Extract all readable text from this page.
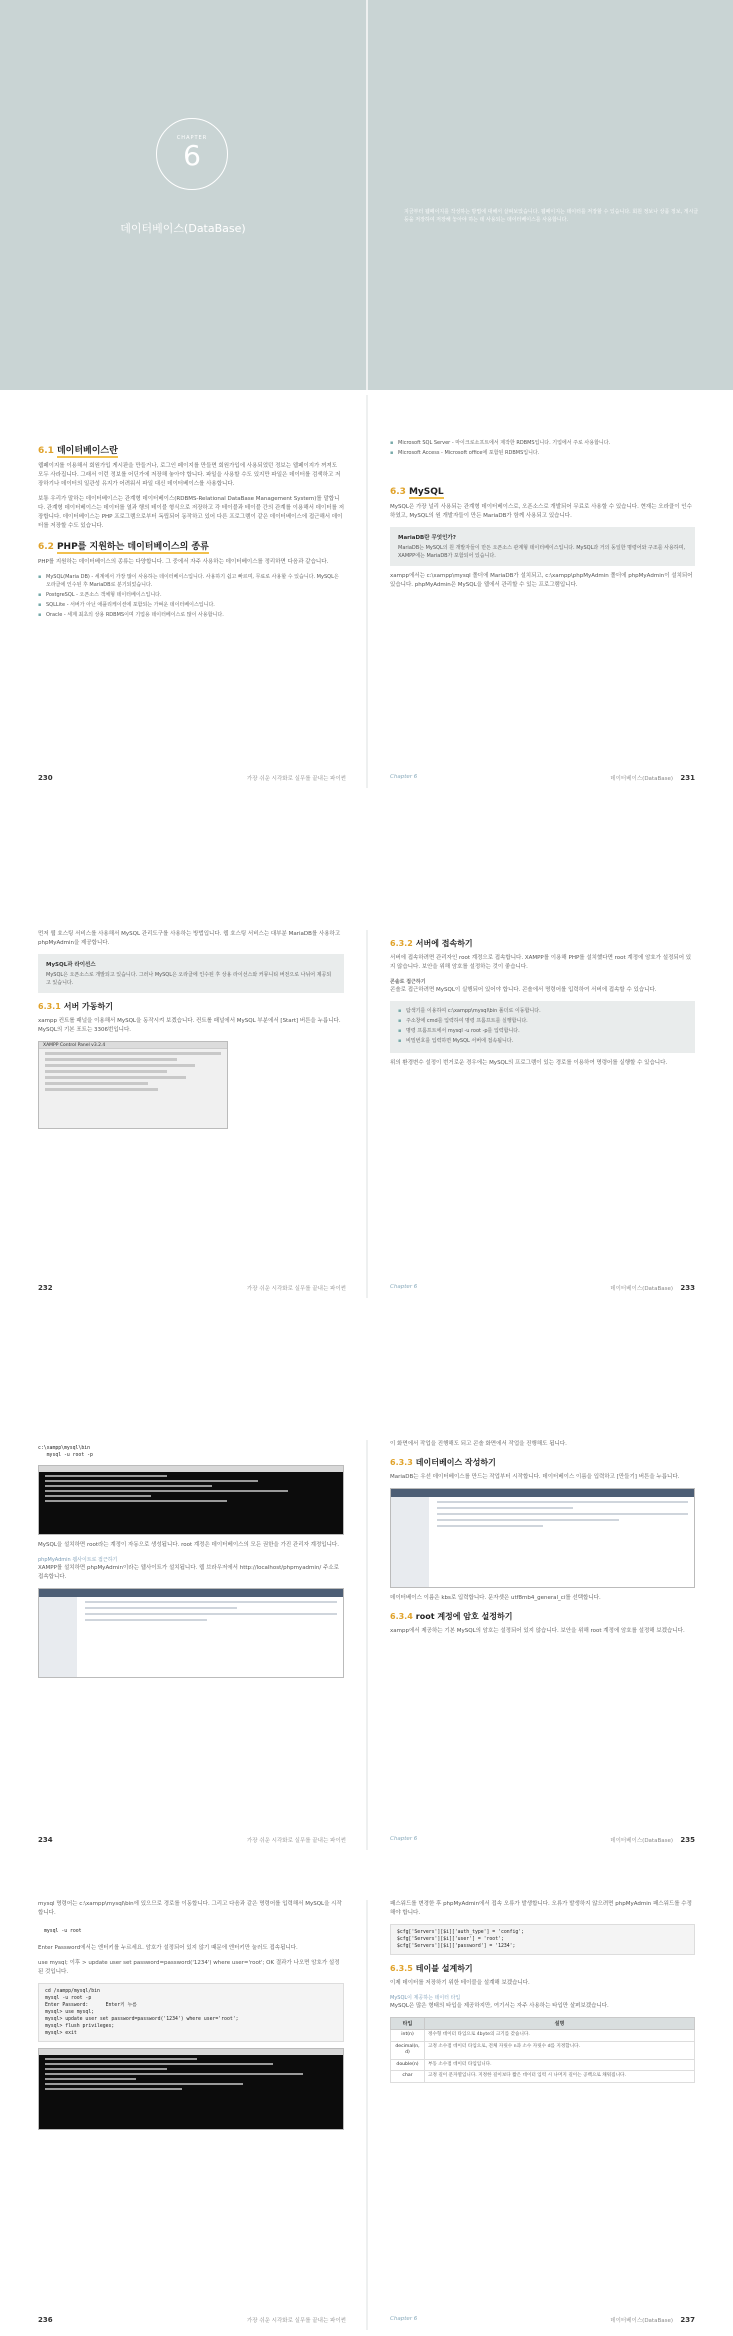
CHAPTER
6
데이터베이스(DataBase)
지금부터 웹페이지를 작성하는 방법에 대해서 살펴보았습니다. 웹페이지는 데이터를 저장할 수 있습니다. 회원 정보나 상품 정보, 게시글 등을 저장하여 저장해 놓아야 하는 데 사용되는 데이터베이스를 사용합니다.
6.1 데이터베이스란

웹페이지를 이용해서 회원가입 게시판을 만들거나, 로그인 페이지를 만들면 회원가입에 사용되었던 정보는 웹페이지가 꺼져도 모두 사라집니다. 그래서 이런 정보를 어딘가에 저장해 놓아야 합니다. 파일을 사용할 수도 있지만 파일은 데이터를 검색하고 저장하기나 데이터의 일관성 유지가 어려워서 파일 대신 데이터베이스를 사용합니다.

보통 우리가 말하는 데이터베이스는 관계형 데이터베이스(RDBMS-Relational DataBase Management System)를 말합니다. 관계형 데이터베이스는 데이터를 열과 행의 테이블 형식으로 저장하고 각 테이블과 테이블 간의 관계를 이용해서 데이터를 저장합니다. 데이터베이스는 PHP 프로그램으로부터 독립되어 동작하고 있어 다른 프로그램이 같은 데이터베이스에 접근해서 데이터를 저장할 수도 있습니다.

6.2 PHP를 지원하는 데이터베이스의 종류

PHP를 지원하는 데이터베이스의 종류는 다양합니다. 그 중에서 자주 사용하는 데이터베이스를 정리하면 다음과 같습니다.

▪ MySQL(Maria DB) - 세계에서 가장 많이 사용하는 데이터베이스입니다. 사용하기 쉽고 빠르며, 무료로 사용할 수 있습니다. MySQL은 오라클에 인수된 후 MariaDB로 분기되었습니다.
▪ PostgreSQL - 오픈소스 객체형 데이터베이스입니다.
▪ SQLLite - 서버가 아닌 애플리케이션에 포함되는 가벼운 데이터베이스입니다.
▪ Oracle - 세계 최초의 상용 RDBMS이며 기업용 데이터베이스로 많이 사용합니다.
230	가장 쉬운 시각화로 실무를 끝내는 파이썬
▪ Microsoft SQL Server - 마이크로소프트에서 제작한 RDBMS입니다. 기업에서 주로 사용합니다.
▪ Microsoft Access - Microsoft office에 포함된 RDBMS입니다.
6.3 MySQL

MySQL은 가장 널리 사용되는 관계형 데이터베이스로, 오픈소스로 개발되어 무료로 사용할 수 있습니다. 현재는 오라클이 인수하였고, MySQL의 원 개발자들이 만든 MariaDB가 함께 사용되고 있습니다.

MariaDB란 무엇인가?
MariaDB는 MySQL의 원 개발자들이 만든 오픈소스 관계형 데이터베이스입니다. MySQL과 거의 동일한 명령어와 구조를 사용하며, XAMPP에는 MariaDB가 포함되어 있습니다.

xampp에서는 c:\xampp\mysql 폴더에 MariaDB가 설치되고, c:\xampp\phpMyAdmin 폴더에 phpMyAdmin이 설치되어 있습니다. phpMyAdmin은 MySQL을 웹에서 관리할 수 있는 프로그램입니다.

Chapter 6	데이터베이스(DataBase) 231

먼저 웹 호스팅 서비스를 사용해서 MySQL 관리도구를 사용하는 방법입니다. 웹 호스팅 서비스는 대부분 MariaDB를 사용하고 phpMyAdmin을 제공합니다.

MySQL과 라이선스
MySQL은 오픈소스로 개발되고 있습니다. 그러나 MySQL은 오라클에 인수된 후 상용 라이선스와 커뮤니티 버전으로 나뉘어 제공되고 있습니다.
6.3.1 서버 가동하기

xampp 컨트롤 패널을 이용해서 MySQL을 동작시켜 보겠습니다. 컨트롤 패널에서 MySQL 부분에서 [Start] 버튼을 누릅니다. MySQL의 기본 포트는 3306번입니다.

XAMPP Control Panel v3.2.4
232	가장 쉬운 시각화로 실무를 끝내는 파이썬
6.3.2 서버에 접속하기

서버에 접속하려면 관리자인 root 계정으로 접속합니다. XAMPP를 이용해 PHP를 설치했다면 root 계정에 암호가 설정되어 있지 않습니다. 보안을 위해 암호를 설정하는 것이 좋습니다.

콘솔로 접근하기

콘솔로 접근하려면 MySQL이 실행되어 있어야 합니다. 콘솔에서 명령어를 입력하여 서버에 접속할 수 있습니다.

▪ 탐색기를 이용하여 c:\xampp\mysql\bin 폴더로 이동합니다.
▪ 주소창에 cmd를 입력하여 명령 프롬프트를 실행합니다.
▪ 명령 프롬프트에서 mysql -u root -p를 입력합니다.
▪ 비밀번호를 입력하면 MySQL 서버에 접속됩니다.

위의 환경변수 설정이 번거로운 경우에는 MySQL의 프로그램이 있는 경로를 이용하여 명령어를 실행할 수 있습니다.

Chapter 6	데이터베이스(DataBase) 233
c:\xampp\mysql\bin
mysql -u root -p

MySQL을 설치하면 root라는 계정이 자동으로 생성됩니다. root 계정은 데이터베이스의 모든 권한을 가진 관리자 계정입니다.

phpMyAdmin 웹사이트로 접근하기

XAMPP를 설치하면 phpMyAdmin이라는 웹사이트가 설치됩니다. 웹 브라우저에서 http://localhost/phpmyadmin/ 주소로 접속합니다.

234	가장 쉬운 시각화로 실무를 끝내는 파이썬

이 화면에서 작업을 진행해도 되고 콘솔 화면에서 작업을 진행해도 됩니다.

6.3.3 데이터베이스 작성하기

MariaDB는 우선 데이터베이스를 만드는 작업부터 시작합니다. 데이터베이스 이름을 입력하고 [만들기] 버튼을 누릅니다.

데이터베이스 이름은 kbs로 입력합니다. 문자셋은 utf8mb4_general_ci를 선택합니다.

6.3.4 root 계정에 암호 설정하기

xampp에서 제공하는 기본 MySQL의 암호는 설정되어 있지 않습니다. 보안을 위해 root 계정에 암호를 설정해 보겠습니다.

Chapter 6	데이터베이스(DataBase) 235

mysql 명령어는 c:\xampp\mysql\bin에 있으므로 경로를 이동합니다. 그리고 다음과 같은 명령어를 입력해서 MySQL을 시작합니다.

mysql -u root

Enter Password에서는 엔터키를 누르세요. 암호가 설정되어 있지 않기 때문에 엔터키만 눌러도 접속됩니다.

use mysql; 이후 > update user set password=password('1234') where user='root'; OK 결과가 나오면 암호가 설정된 것입니다.

cd /xampp/mysql/bin
mysql -u root -p
Enter Password:      Enter키 누름
mysql> use mysql;
mysql> update user set password=password('1234') where user='root';
mysql> flush privileges;
mysql> exit
236	가장 쉬운 시각화로 실무를 끝내는 파이썬

패스워드를 변경한 후 phpMyAdmin에서 접속 오류가 발생합니다. 오류가 발생하지 않으려면 phpMyAdmin 패스워드를 수정해야 합니다.

$cfg['Servers'][$i]['auth_type'] = 'config';
$cfg['Servers'][$i]['user'] = 'root';
$cfg['Servers'][$i]['password'] = '1234';
6.3.5 테이블 설계하기

이제 데이터를 저장하기 위한 테이블을 설계해 보겠습니다.

MySQL이 제공하는 데이터 타입

MySQL은 많은 형태의 타입을 제공하지만, 여기서는 자주 사용하는 타입만 살펴보겠습니다.

타입	설명
int(n)	정수형 데이터 타입으로 4byte의 크기를 갖습니다.
decimal(n, d)	고정 소수점 데이터 타입으로, 전체 자릿수 n과 소수 자릿수 d를 지정합니다.
double(n)	부동 소수점 데이터 타입입니다.
char	고정 길이 문자열입니다. 지정한 길이보다 짧은 데이터 입력 시 나머지 길이는 공백으로 채워집니다.
Chapter 6	데이터베이스(DataBase) 237
